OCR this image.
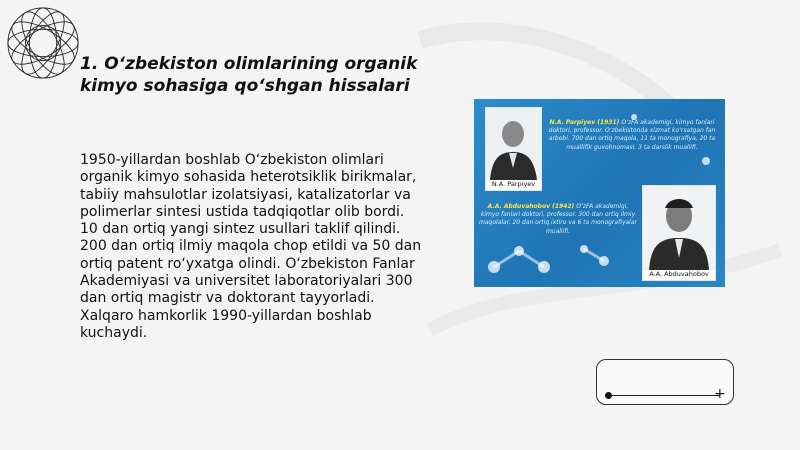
1. O‘zbekiston olimlarining organik kimyo sohasiga qo‘shgan hissalari

1950-yillardan boshlab O‘zbekiston olimlari organik kimyo sohasida heterotsiklik birikmalar, tabiiy mahsulotlar izolatsiyasi, katalizatorlar va polimerlar sintesi ustida tadqiqotlar olib bordi. 10 dan ortiq yangi sintez usullari taklif qilindi. 200 dan ortiq ilmiy maqola chop etildi va 50 dan ortiq patent ro‘yxatga olindi. O‘zbekiston Fanlar Akademiyasi va universitet laboratoriyalari 300 dan ortiq magistr va doktorant tayyorladi. Xalqaro hamkorlik 1990-yillardan boshlab kuchaydi.

N.A. Parpiyev
N.A. Parpiyev (1931) O‘zFA akademigi, kimyo fanlari doktori, professor. O‘zbekistonda xizmat ko‘rsatgan fan arbobi. 700 dan ortiq maqola, 11 ta monografiya, 20 ta muallifik guvohnomasi, 3 ta darslik muallifi.
A.A. Abduvahobov (1942) O‘zFA akademigi, kimyo fanlari doktori, professor. 300 dan ortiq ilmiy maqolalar, 20 dan ortiq ixtiro va 6 ta monografiyalar muallifi.
A.A. Abduvahobov
+
